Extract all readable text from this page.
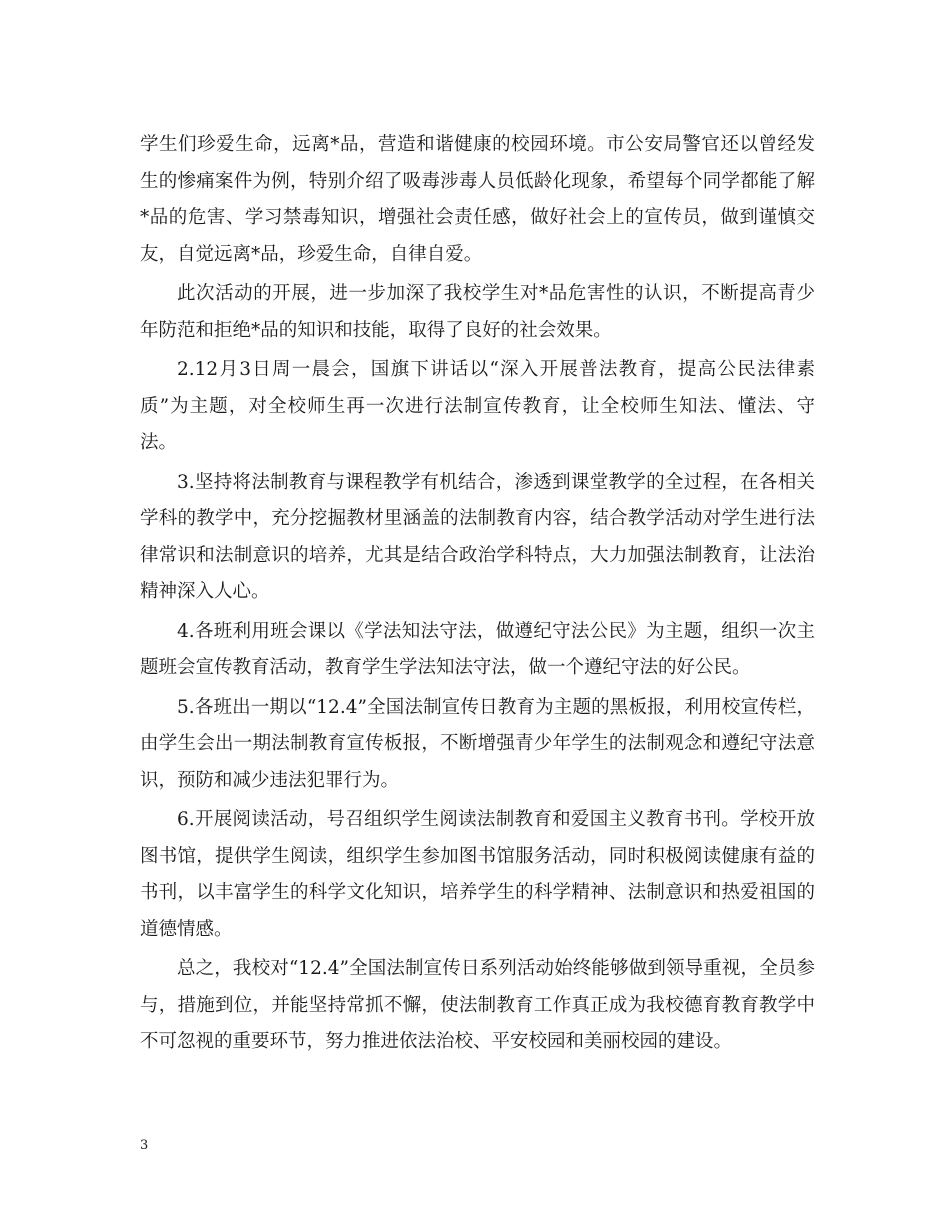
学生们珍爱生命，远离*品，营造和谐健康的校园环境。市公安局警官还以曾经发生的惨痛案件为例，特别介绍了吸毒涉毒人员低龄化现象，希望每个同学都能了解*品的危害、学习禁毒知识，增强社会责任感，做好社会上的宣传员，做到谨慎交友，自觉远离*品，珍爱生命，自律自爱。

此次活动的开展，进一步加深了我校学生对*品危害性的认识，不断提高青少年防范和拒绝*品的知识和技能，取得了良好的社会效果。

2.12月3日周一晨会，国旗下讲话以“深入开展普法教育，提高公民法律素质”为主题，对全校师生再一次进行法制宣传教育，让全校师生知法、懂法、守法。

3.坚持将法制教育与课程教学有机结合，渗透到课堂教学的全过程，在各相关学科的教学中，充分挖掘教材里涵盖的法制教育内容，结合教学活动对学生进行法律常识和法制意识的培养，尤其是结合政治学科特点，大力加强法制教育，让法治精神深入人心。

4.各班利用班会课以《学法知法守法，做遵纪守法公民》为主题，组织一次主题班会宣传教育活动，教育学生学法知法守法，做一个遵纪守法的好公民。

5.各班出一期以“12.4”全国法制宣传日教育为主题的黑板报，利用校宣传栏，由学生会出一期法制教育宣传板报，不断增强青少年学生的法制观念和遵纪守法意识，预防和减少违法犯罪行为。

6.开展阅读活动，号召组织学生阅读法制教育和爱国主义教育书刊。学校开放图书馆，提供学生阅读，组织学生参加图书馆服务活动，同时积极阅读健康有益的书刊，以丰富学生的科学文化知识，培养学生的科学精神、法制意识和热爱祖国的道德情感。

总之，我校对“12.4”全国法制宣传日系列活动始终能够做到领导重视，全员参与，措施到位，并能坚持常抓不懈，使法制教育工作真正成为我校德育教育教学中不可忽视的重要环节，努力推进依法治校、平安校园和美丽校园的建设。

3
